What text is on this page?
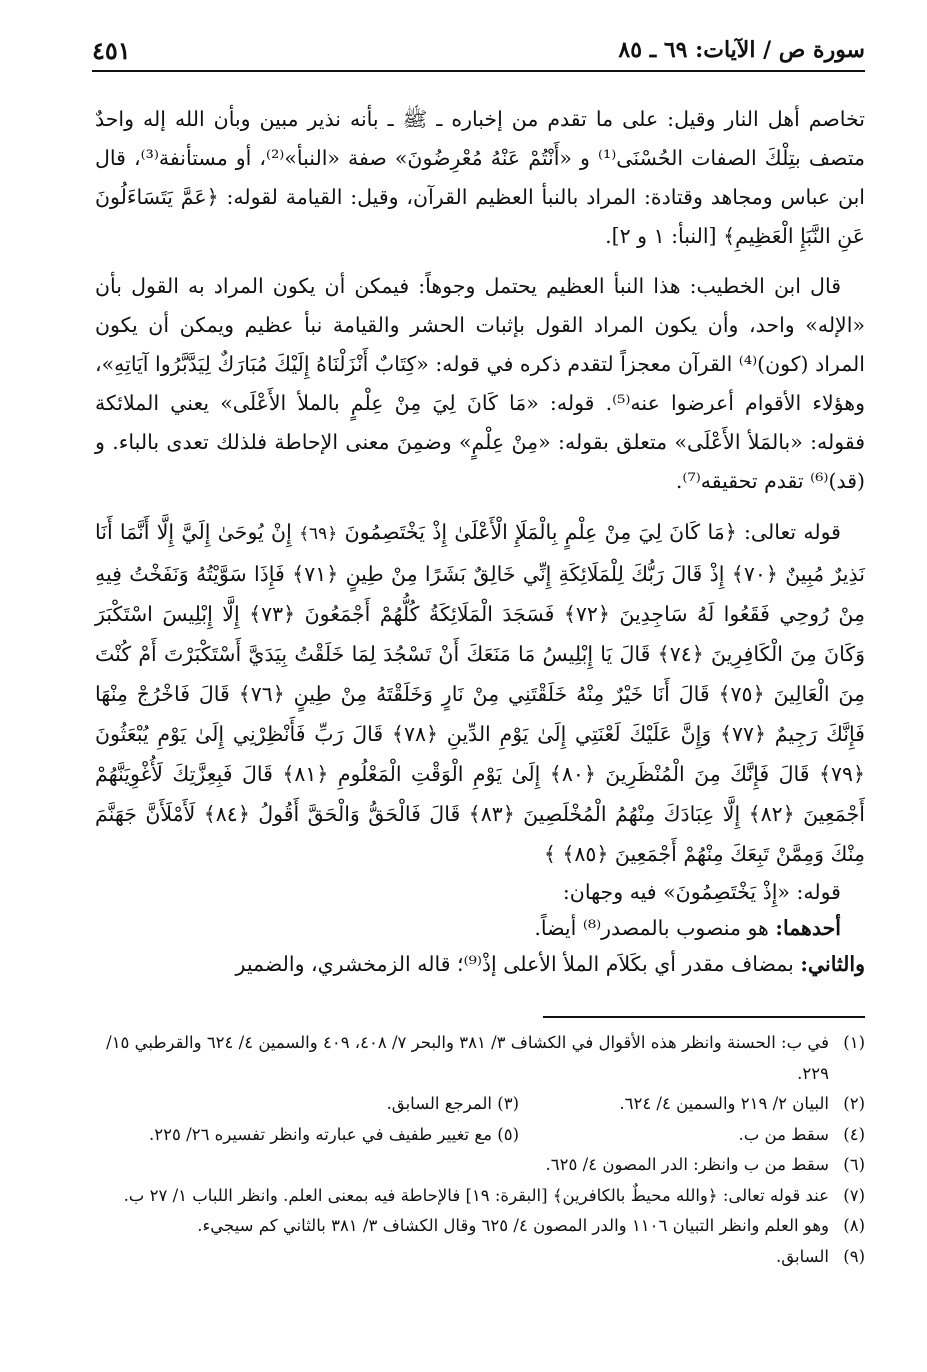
سورة ص / الآيات: ٦٩ ـ ٨٥
٤٥١

تخاصم أهل النار وقيل: على ما تقدم من إخباره ـ ﷺ ـ بأنه نذير مبين وبأن الله إله واحدٌ متصف بتِلْكَ الصفات الحُسْنَى⁽¹⁾ و «أَنْتُمْ عَنْهُ مُعْرِضُونَ» صفة «النبأ»⁽²⁾، أو مستأنفة⁽³⁾، قال ابن عباس ومجاهد وقتادة: المراد بالنبأ العظيم القرآن، وقيل: القيامة لقوله: ﴿عَمَّ يَتَسَاءَلُونَ عَنِ النَّبَإِ الْعَظِيمِ﴾ [النبأ: ١ و ٢].

قال ابن الخطيب: هذا النبأ العظيم يحتمل وجوهاً: فيمكن أن يكون المراد به القول بأن «الإله» واحد، وأن يكون المراد القول بإثبات الحشر والقيامة نبأ عظيم ويمكن أن يكون المراد (كون)⁽⁴⁾ القرآن معجزاً لتقدم ذكره في قوله: «كِتَابٌ أَنْزَلْنَاهُ إِلَيْكَ مُبَارَكٌ لِيَدَّبَّرُوا آيَاتِهِ»، وهؤلاء الأقوام أعرضوا عنه⁽⁵⁾. قوله: «مَا كَانَ لِيَ مِنْ عِلْمٍ بالملأ الأَعْلَى» يعني الملائكة فقوله: «بالمَلأ الأَعْلَى» متعلق بقوله: «مِنْ عِلْمٍ» وضمِنَ معنى الإحاطة فلذلك تعدى بالباء. و (قد)⁽⁶⁾ تقدم تحقيقه⁽⁷⁾.

قوله تعالى: ﴿مَا كَانَ لِيَ مِنْ عِلْمٍ بِالْمَلَإِ الْأَعْلَىٰ إِذْ يَخْتَصِمُونَ ﴿٦٩﴾ إِنْ يُوحَىٰ إِلَيَّ إِلَّا أَنَّمَا أَنَا نَذِيرٌ مُبِينٌ ﴿٧٠﴾ إِذْ قَالَ رَبُّكَ لِلْمَلَائِكَةِ إِنِّي خَالِقٌ بَشَرًا مِنْ طِينٍ ﴿٧١﴾ فَإِذَا سَوَّيْتُهُ وَنَفَخْتُ فِيهِ مِنْ رُوحِي فَقَعُوا لَهُ سَاجِدِينَ ﴿٧٢﴾ فَسَجَدَ الْمَلَائِكَةُ كُلُّهُمْ أَجْمَعُونَ ﴿٧٣﴾ إِلَّا إِبْلِيسَ اسْتَكْبَرَ وَكَانَ مِنَ الْكَافِرِينَ ﴿٧٤﴾ قَالَ يَا إِبْلِيسُ مَا مَنَعَكَ أَنْ تَسْجُدَ لِمَا خَلَقْتُ بِيَدَيَّ أَسْتَكْبَرْتَ أَمْ كُنْتَ مِنَ الْعَالِينَ ﴿٧٥﴾ قَالَ أَنَا خَيْرٌ مِنْهُ خَلَقْتَنِي مِنْ نَارٍ وَخَلَقْتَهُ مِنْ طِينٍ ﴿٧٦﴾ قَالَ فَاخْرُجْ مِنْهَا فَإِنَّكَ رَجِيمٌ ﴿٧٧﴾ وَإِنَّ عَلَيْكَ لَعْنَتِي إِلَىٰ يَوْمِ الدِّينِ ﴿٧٨﴾ قَالَ رَبِّ فَأَنْظِرْنِي إِلَىٰ يَوْمِ يُبْعَثُونَ ﴿٧٩﴾ قَالَ فَإِنَّكَ مِنَ الْمُنْظَرِينَ ﴿٨٠﴾ إِلَىٰ يَوْمِ الْوَقْتِ الْمَعْلُومِ ﴿٨١﴾ قَالَ فَبِعِزَّتِكَ لَأُغْوِيَنَّهُمْ أَجْمَعِينَ ﴿٨٢﴾ إِلَّا عِبَادَكَ مِنْهُمُ الْمُخْلَصِينَ ﴿٨٣﴾ قَالَ فَالْحَقُّ وَالْحَقَّ أَقُولُ ﴿٨٤﴾ لَأَمْلَأَنَّ جَهَنَّمَ مِنْكَ وَمِمَّنْ تَبِعَكَ مِنْهُمْ أَجْمَعِينَ ﴿٨٥﴾ ﴾

قوله: «إِذْ يَخْتَصِمُونَ» فيه وجهان:

أحدهما: هو منصوب بالمصدر⁽⁸⁾ أيضاً.

والثاني: بمضاف مقدر أي بكَلاَم الملأ الأعلى إذْ⁽⁹⁾؛ قاله الزمخشري، والضمير

(١)
في ب: الحسنة وانظر هذه الأقوال في الكشاف ٣/ ٣٨١ والبحر ٧/ ٤٠٨، ٤٠٩ والسمين ٤/ ٦٢٤ والقرطبي ١٥/ ٢٢٩.
(٢)
البيان ٢/ ٢١٩ والسمين ٤/ ٦٢٤.
(٣)

المرجع السابق.
(٤)
سقط من ب.
(٥)

مع تغيير طفيف في عبارته وانظر تفسيره ٢٦/ ٢٢٥.
(٦)
سقط من ب وانظر: الدر المصون ٤/ ٦٢٥.
(٧)
عند قوله تعالى: ﴿والله محيطٌ بالكافرين﴾ [البقرة: ١٩] فالإحاطة فيه بمعنى العلم. وانظر اللباب ١/ ٢٧ ب.
(٨)
وهو العلم وانظر التبيان ١١٠٦ والدر المصون ٤/ ٦٢٥ وقال الكشاف ٣/ ٣٨١ بالثاني كم سيجيء.
(٩)
السابق.
